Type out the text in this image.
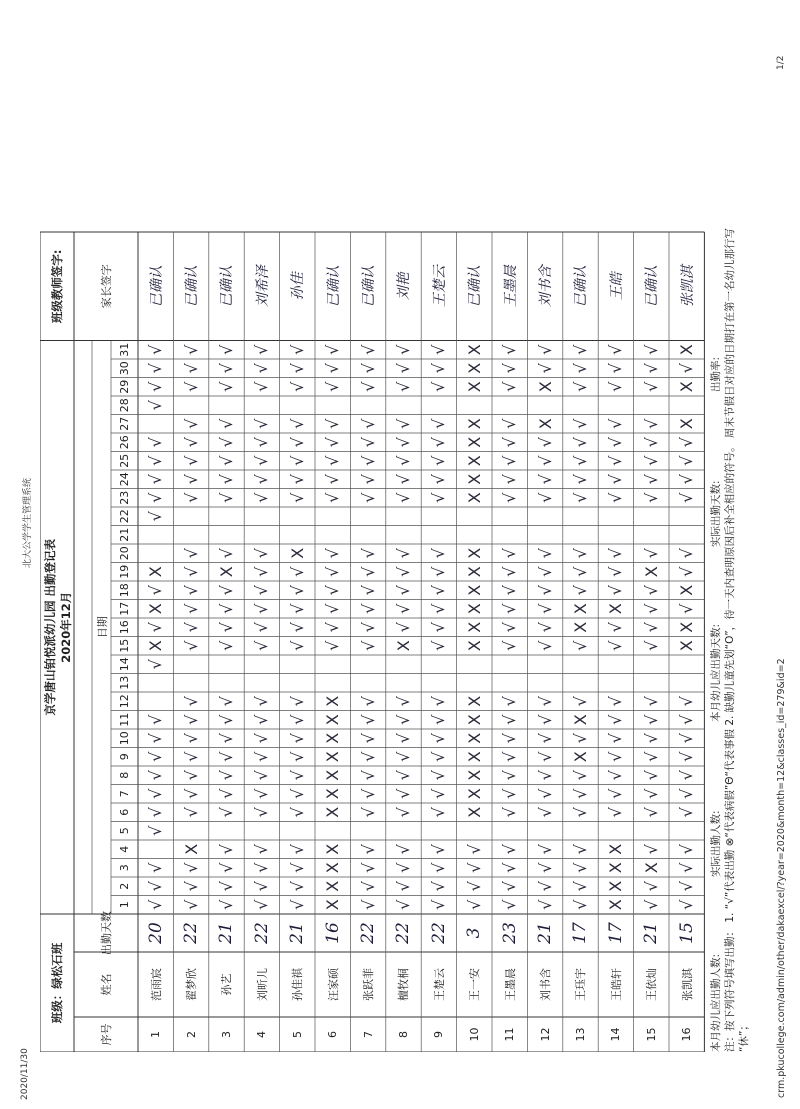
2020/11/30
北大公学学生管理系统
crm.pkucollege.com/admin/other/dakaexcel/?year=2020&month=12&classes_id=279&id=2
1/2
班级：绿松石班
京学唐山铂悦派幼儿园 出勤登记表 2020年12月
班级教师签字:
序号
姓名
出勤天数
日期
家长签字
1
2
3
4
5
6
7
8
9
10
11
12
13
14
15
16
17
18
19
20
21
22
23
24
25
26
27
28
29
30
31
1
范雨宸
20
√
√
√
√
√
√
√
√
√
√
√
X
√
X
√
X
√
√
√
√
√
√
√
√
√
已确认
2
翟梦欣
22
√
√
√
X
√
√
√
√
√
√
√
√
√
√
√
√
√
√
√
√
√
√
√
√
√
已确认
3
孙艺
21
√
√
√
√
√
√
√
√
√
√
√
√
√
√
√
X
√
√
√
√
√
√
√
√
√
已确认
4
刘昕儿
22
√
√
√
√
√
√
√
√
√
√
√
√
√
√
√
√
√
√
√
√
√
√
√
√
√
刘希泽
5
孙佳祺
21
√
√
√
√
√
√
√
√
√
√
√
√
√
√
√
√
X
√
√
√
√
√
√
√
√
孙佳
6
汪家硕
16
X
X
X
X
X
X
X
X
X
X
X
√
√
√
√
√
√
√
√
√
√
√
√
√
√
已确认
7
张跃菲
22
√
√
√
√
√
√
√
√
√
√
√
√
√
√
√
√
√
√
√
√
√
√
√
√
√
已确认
8
檀牧桐
22
√
√
√
√
√
√
√
√
√
√
√
X
√
√
√
√
√
√
√
√
√
√
√
√
√
刘艳
9
王楚云
22
√
√
√
√
√
√
√
√
√
√
√
√
√
√
√
√
√
√
√
√
√
√
√
√
√
王楚云
10
王一安
3
√
√
√
√
X
X
X
X
X
X
X
X
X
X
X
X
X
X
X
X
X
X
X
X
X
已确认
11
王墨晨
23
√
√
√
√
√
√
√
√
√
√
√
√
√
√
√
√
√
√
√
√
√
√
√
√
√
王墨晨
12
刘书含
21
√
√
√
√
√
√
√
√
√
√
√
√
√
√
√
√
√
√
√
√
√
X
X
√
√
刘书含
13
王珏宇
17
√
√
√
√
√
√
√
X
√
X
√
√
X
X
√
√
√
√
√
√
√
√
√
√
√
已确认
14
王皓轩
17
X
X
X
X
√
√
√
√
√
√
√
√
√
X
√
√
√
√
√
√
√
√
√
√
√
王皓
15
王依灿
21
√
√
X
√
√
√
√
√
√
√
√
√
√
√
√
X
√
√
√
√
√
√
√
√
√
已确认
16
张凯淇
15
√
√
√
√
√
√
√
√
√
√
√
X
X
√
X
√
√
√
√
√
√
X
X
√
X
张凯淇
本月幼儿应出勤人数:
实际出勤人数:
本月幼儿应出勤天数:
实际出勤天数:
出勤率: 注：按下列符号填写出勤： 1. “√”代表出勤 ⊗“代表病假”Θ“代表事假 2. 缺勤儿童先划“O”，待一天内查明原因后补全相应的符号。 周末节假日对应的日期打在第一名幼儿那行写 “休”；
